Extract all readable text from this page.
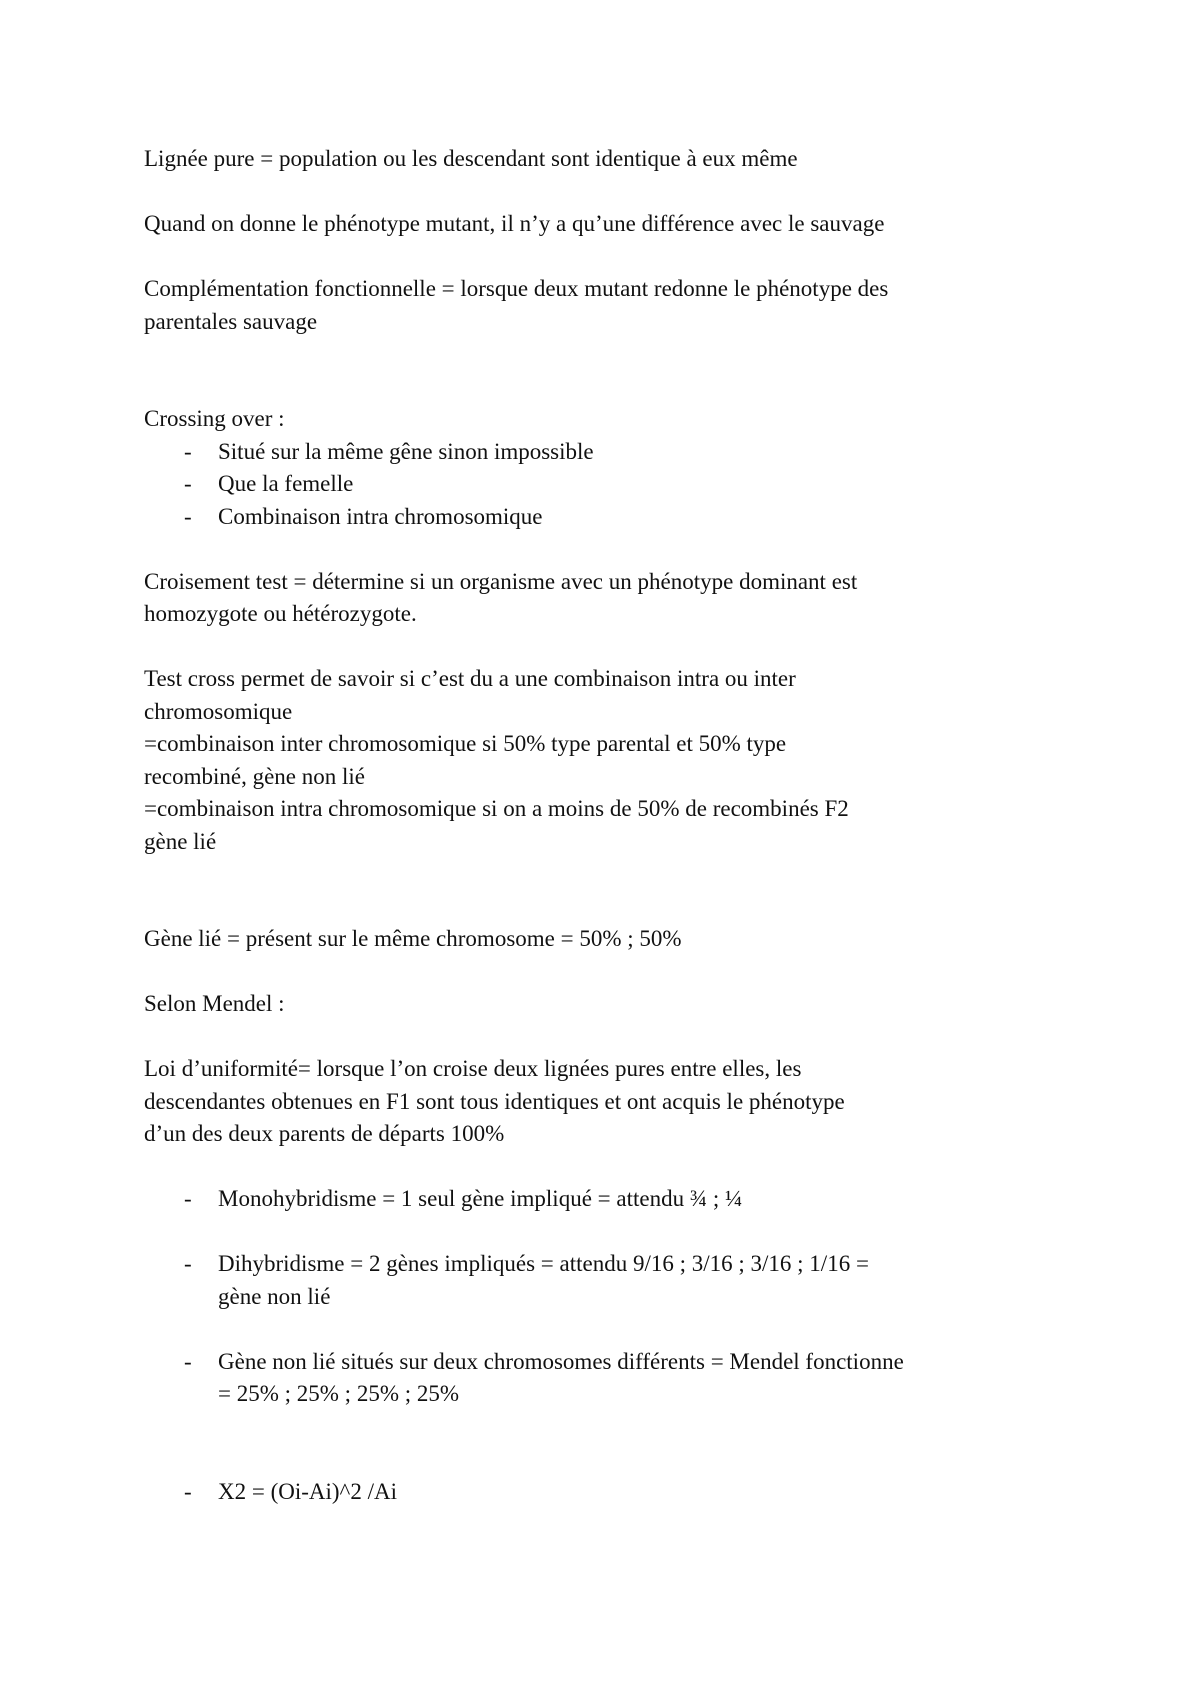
Lignée pure = population ou les descendant sont identique à eux même

Quand on donne le phénotype mutant, il n’y a qu’une différence avec le sauvage

Complémentation fonctionnelle = lorsque deux mutant redonne le phénotype des
parentales sauvage
Crossing over :
-	Situé sur la même gêne sinon impossible
-	Que la femelle
-	Combinaison intra chromosomique
Croisement test = détermine si un organisme avec un phénotype dominant est
homozygote ou hétérozygote.
Test cross permet de savoir si c’est du a une combinaison intra ou inter
chromosomique
=combinaison inter chromosomique si 50% type parental et 50% type
recombiné, gène non lié
=combinaison intra chromosomique si on a moins de 50% de recombinés F2
gène lié

Gène lié = présent sur le même chromosome = 50% ; 50%

Selon Mendel :

Loi d’uniformité= lorsque l’on croise deux lignées pures entre elles, les
descendantes obtenues en F1 sont tous identiques et ont acquis le phénotype
d’un des deux parents de départs 100%
-	Monohybridisme = 1 seul gène impliqué = attendu ¾ ; ¼
-	Dihybridisme = 2 gènes impliqués = attendu 9/16 ; 3/16 ; 3/16 ; 1/16 =
gène non lié
-	Gène non lié situés sur deux chromosomes différents = Mendel fonctionne
= 25% ; 25% ; 25% ; 25%
-	X2 = (Oi-Ai)^2 /Ai
